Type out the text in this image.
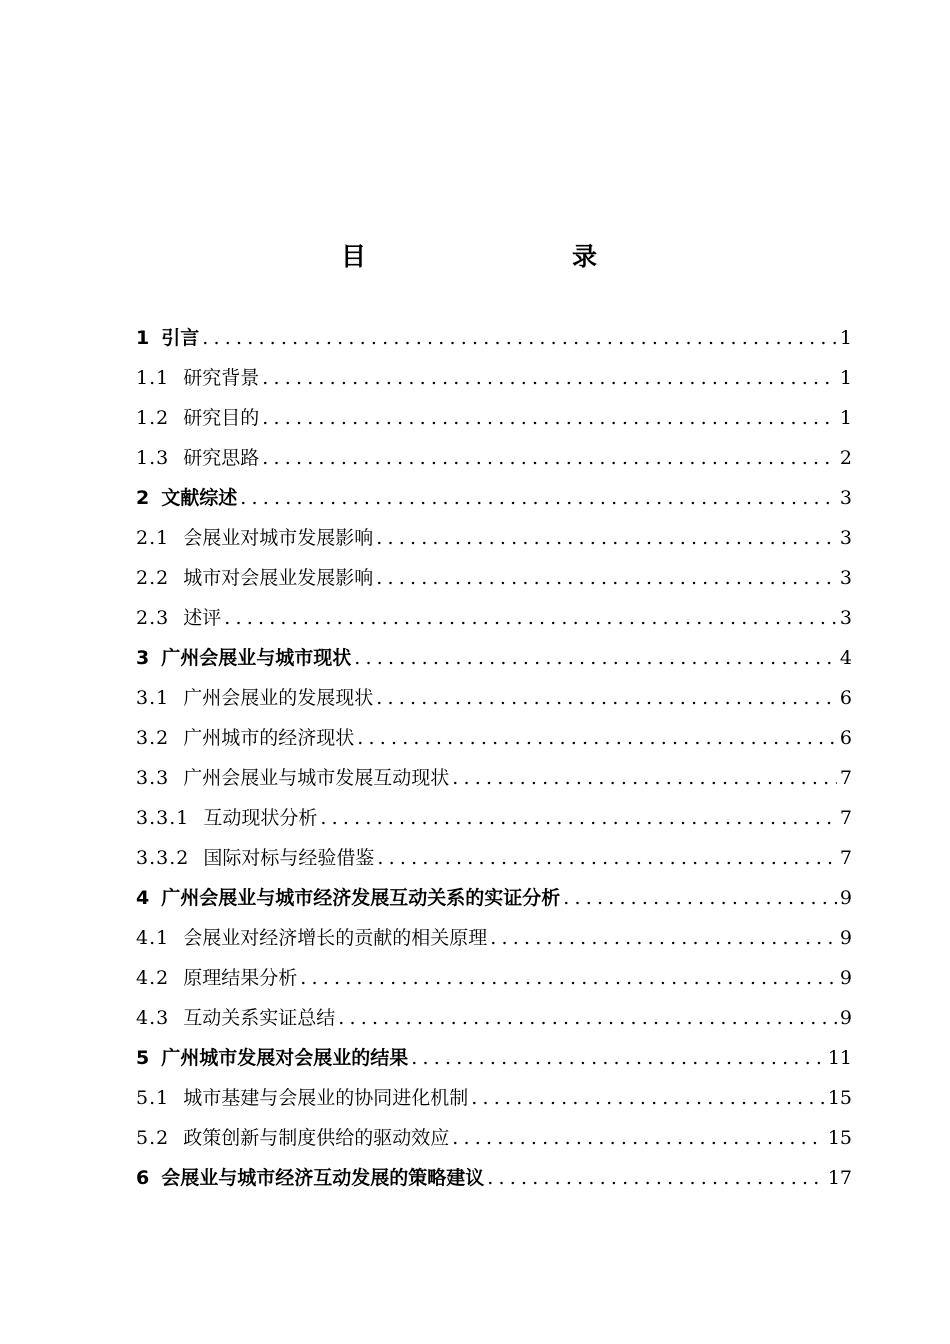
目　　录
1 引言 .....	1
1.1 研究背景 .....	1
1.2 研究目的 .....	1
1.3 研究思路 .....	2
2 文献综述 .....	3
2.1 会展业对城市发展影响 .....	3
2.2 城市对会展业发展影响 .....	3
2.3 述评 .....	3
3 广州会展业与城市现状 .....	4
3.1 广州会展业的发展现状 .....	6
3.2 广州城市的经济现状 .....	6
3.3 广州会展业与城市发展互动现状 .....	7
3.3.1 互动现状分析 .....	7
3.3.2 国际对标与经验借鉴 .....	7
4 广州会展业与城市经济发展互动关系的实证分析 .....	9
4.1 会展业对经济增长的贡献的相关原理 .....	9
4.2 原理结果分析 .....	9
4.3 互动关系实证总结 .....	9
5 广州城市发展对会展业的结果 .....	11
5.1 城市基建与会展业的协同进化机制 .....	15
5.2 政策创新与制度供给的驱动效应 .....	15
6 会展业与城市经济互动发展的策略建议 .....	17
